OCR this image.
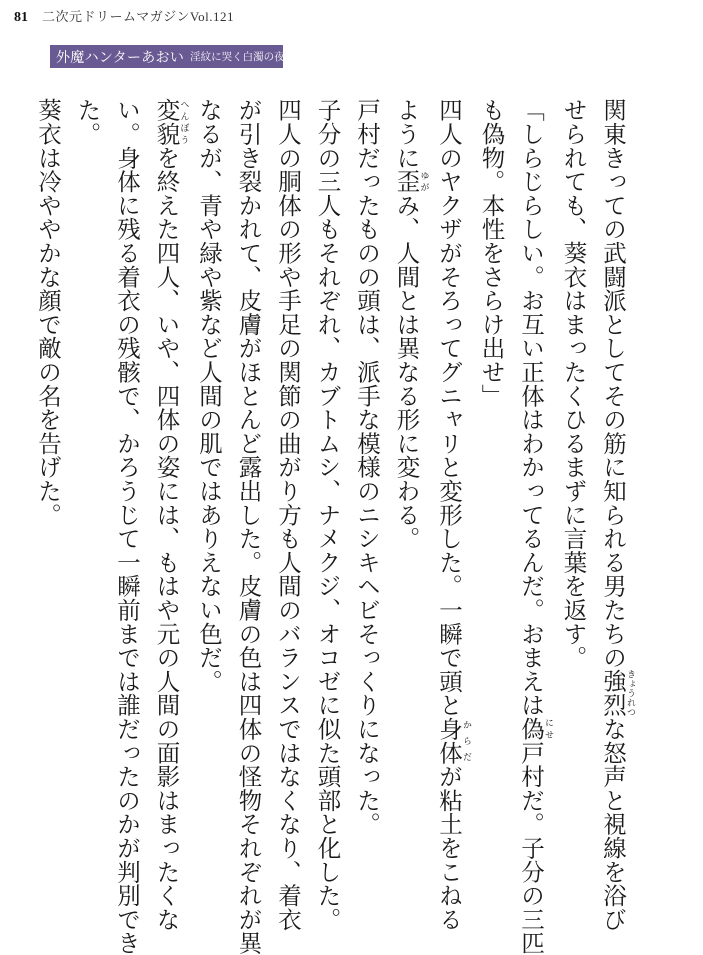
81 二次元ドリームマガジンVol.121
外魔ハンターあおい 淫紋に哭く白濁の夜
関東きっての武闘派としてその筋に知られる男たちの強烈きょうれつな怒声と視線を浴び
せられても、葵衣はまったくひるまずに言葉を返す。
「しらじらしい。お互い正体はわかってるんだ。おまえは偽にせ戸村だ。子分の三匹
も偽物。本性をさらけ出せ」
四人のヤクザがそろってグニャリと変形した。一瞬で頭と身体からだが粘土をこねる
ように歪ゆがみ、人間とは異なる形に変わる。
戸村だったものの頭は、派手な模様のニシキヘビそっくりになった。
子分の三人もそれぞれ、カブトムシ、ナメクジ、オコゼに似た頭部と化した。
四人の胴体の形や手足の関節の曲がり方も人間のバランスではなくなり、着衣
が引き裂かれて、皮膚がほとんど露出した。皮膚の色は四体の怪物それぞれが異
なるが、青や緑や紫など人間の肌ではありえない色だ。
変貌へんぼうを終えた四人、いや、四体の姿には、もはや元の人間の面影はまったくな
い。身体に残る着衣の残骸で、かろうじて一瞬前までは誰だったのかが判別でき
た。
葵衣は冷ややかな顔で敵の名を告げた。
